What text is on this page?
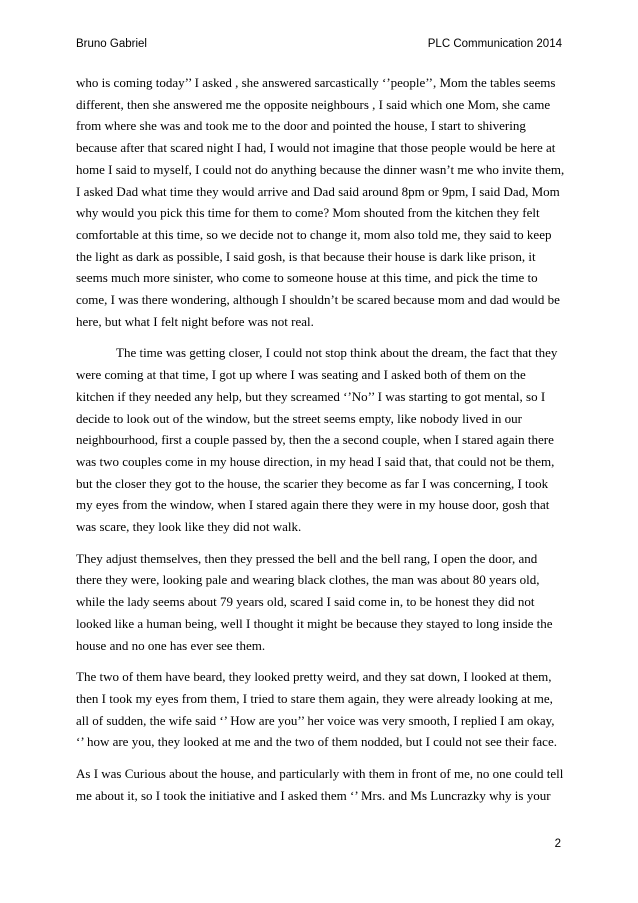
Bruno Gabriel	PLC Communication 2014

who is coming today’’ I asked , she answered sarcastically ‘’people’’, Mom the tables seems
different, then she answered me the opposite neighbours , I said which one Mom, she came
from where she was and took me to the door and pointed the house, I start to shivering
because after that scared night I had, I would not imagine that those people would be here at
home I said to myself, I could not do anything because the dinner wasn’t me who invite them,
I asked Dad what time they would arrive and Dad said around 8pm or 9pm, I said Dad, Mom
why would you pick this time for them to come? Mom shouted from the kitchen they felt
comfortable at this time, so we decide not to change it, mom also told me, they said to keep
the light as dark as possible, I said gosh, is that because their house is dark like prison, it
seems much more sinister, who come to someone house at this time, and pick the time to
come, I was there wondering, although I shouldn’t be scared because mom and dad would be
here, but what I felt night before was not real.

The time was getting closer, I could not stop think about the dream, the fact that they
were coming at that time, I got up where I was seating and I asked both of them on the
kitchen if they needed any help, but they screamed ‘’No’’ I was starting to got mental, so I
decide to look out of the window, but the street seems empty, like nobody lived in our
neighbourhood, first a couple passed by, then the a second couple, when I stared again there
was two couples come in my house direction, in my head I said that, that could not be them,
but the closer they got to the house, the scarier they become as far I was concerning, I took
my eyes from the window, when I stared again there they were in my house door, gosh that
was scare, they look like they did not walk.

They adjust themselves, then they pressed the bell and the bell rang, I open the door, and
there they were, looking pale and wearing black clothes, the man was about 80 years old,
while the lady seems about 79 years old, scared I said come in, to be honest they did not
looked like a human being, well I thought it might be because they stayed to long inside the
house and no one has ever see them.

The two of them have beard, they looked pretty weird, and they sat down, I looked at them,
then I took my eyes from them, I tried to stare them again, they were already looking at me,
all of sudden, the wife said ‘’ How are you’’ her voice was very smooth, I replied I am okay,
‘’ how are you, they looked at me and the two of them nodded, but I could not see their face.

As I was Curious about the house, and particularly with them in front of me, no one could tell
me about it, so I took the initiative and I asked them ‘’ Mrs. and Ms Luncrazky why is your

2
